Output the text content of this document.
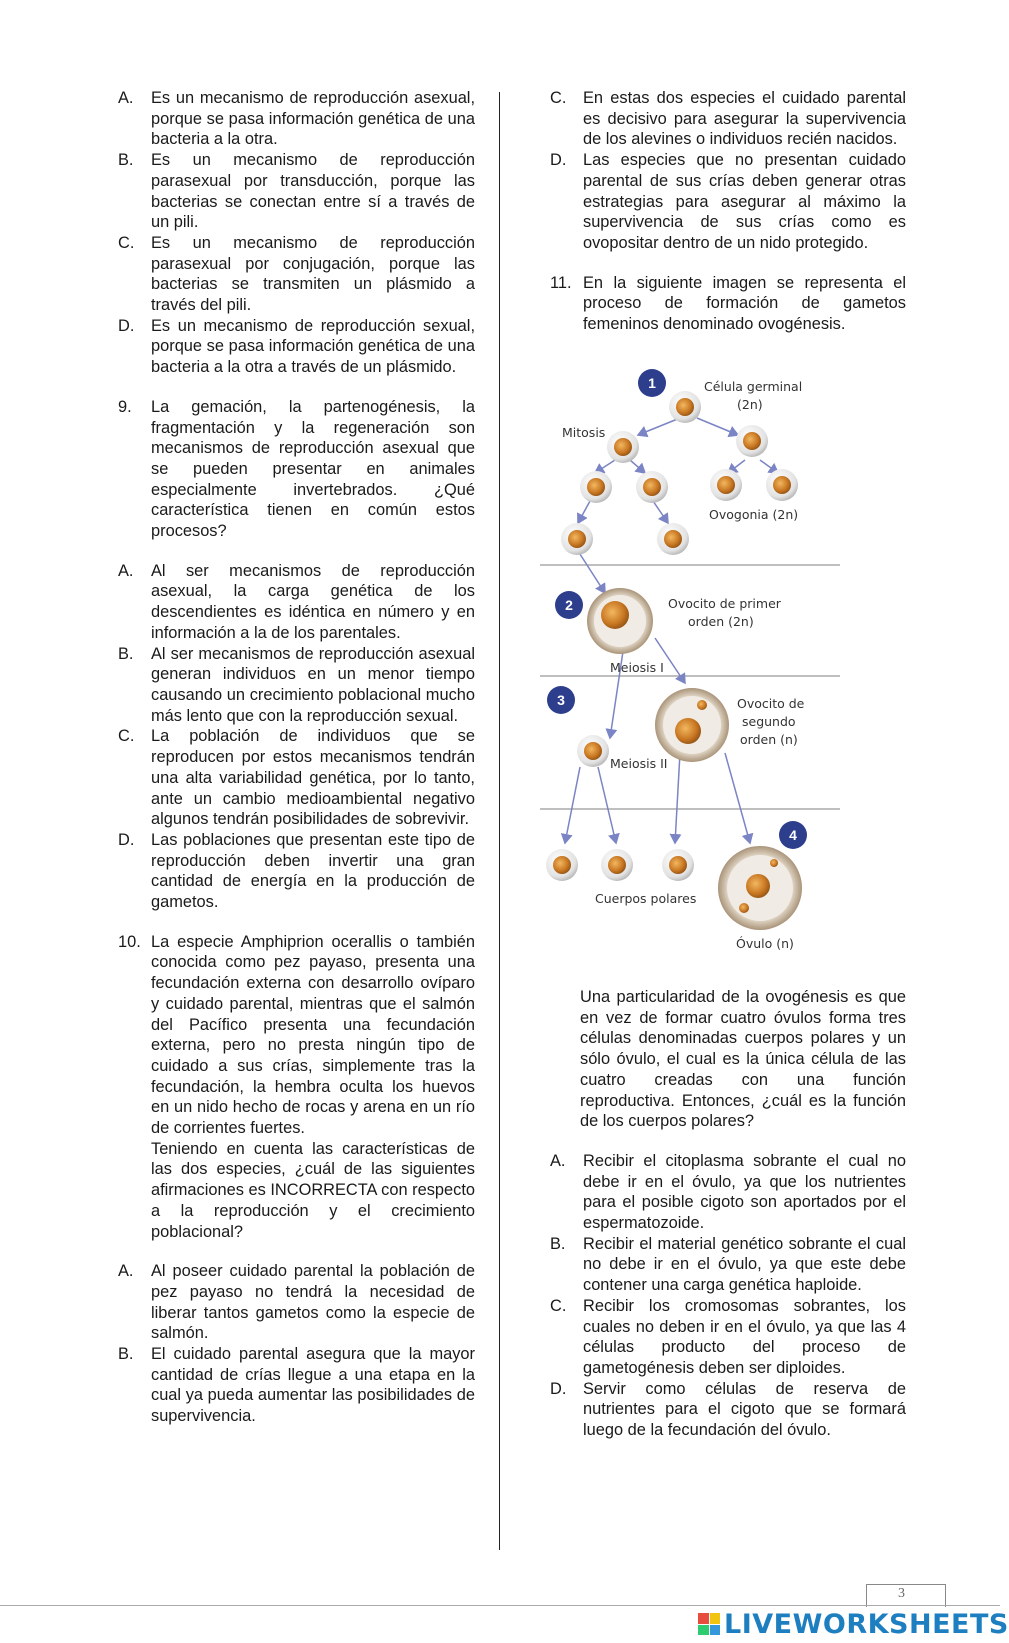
A. Es un mecanismo de reproducción asexual, porque se pasa información genética de una bacteria a la otra.
B. Es un mecanismo de reproducción parasexual por transducción, porque las bacterias se conectan entre sí a través de un pili.
C. Es un mecanismo de reproducción parasexual por conjugación, porque las bacterias se transmiten un plásmido a través del pili.
D. Es un mecanismo de reproducción sexual, porque se pasa información genética de una bacteria a la otra a través de un plásmido.
9. La gemación, la partenogénesis, la fragmentación y la regeneración son mecanismos de reproducción asexual que se pueden presentar en animales especialmente invertebrados. ¿Qué característica tienen en común estos procesos?
A. Al ser mecanismos de reproducción asexual, la carga genética de los descendientes es idéntica en número y en información a la de los parentales.
B. Al ser mecanismos de reproducción asexual generan individuos en un menor tiempo causando un crecimiento poblacional mucho más lento que con la reproducción sexual.
C. La población de individuos que se reproducen por estos mecanismos tendrán una alta variabilidad genética, por lo tanto, ante un cambio medioambiental negativo algunos tendrán posibilidades de sobrevivir.
D. Las poblaciones que presentan este tipo de reproducción deben invertir una gran cantidad de energía en la producción de gametos.
10. La especie Amphiprion ocerallis o también conocida como pez payaso, presenta una fecundación externa con desarrollo ovíparo y cuidado parental, mientras que el salmón del Pacífico presenta una fecundación externa, pero no presta ningún tipo de cuidado a sus crías, simplemente tras la fecundación, la hembra oculta los huevos en un nido hecho de rocas y arena en un río de corrientes fuertes.
Teniendo en cuenta las características de las dos especies, ¿cuál de las siguientes afirmaciones es INCORRECTA con respecto a la reproducción y el crecimiento poblacional?
A. Al poseer cuidado parental la población de pez payaso no tendrá la necesidad de liberar tantos gametos como la especie de salmón.
B. El cuidado parental asegura que la mayor cantidad de crías llegue a una etapa en la cual ya pueda aumentar las posibilidades de supervivencia.
C. En estas dos especies el cuidado parental es decisivo para asegurar la supervivencia de los alevines o individuos recién nacidos.
D. Las especies que no presentan cuidado parental de sus crías deben generar otras estrategias para asegurar al máximo la supervivencia de sus crías como es ovopositar dentro de un nido protegido.
11. En la siguiente imagen se representa el proceso de formación de gametos femeninos denominado ovogénesis.
1
2
3
4
Célula germinal
(2n)
Mitosis
Ovogonia (2n)
Ovocito de primer
orden (2n)
Meiosis I
Ovocito de
segundo
orden (n)
Meiosis II
Cuerpos polares
Óvulo (n)

Una particularidad de la ovogénesis es que en vez de formar cuatro óvulos forma tres células denominadas cuerpos polares y un sólo óvulo, el cual es la única célula de las cuatro creadas con una función reproductiva. Entonces, ¿cuál es la función de los cuerpos polares?

A. Recibir el citoplasma sobrante el cual no debe ir en el óvulo, ya que los nutrientes para el posible cigoto son aportados por el espermatozoide.
B. Recibir el material genético sobrante el cual no debe ir en el óvulo, ya que este debe contener una carga genética haploide.
C. Recibir los cromosomas sobrantes, los cuales no deben ir en el óvulo, ya que las 4 células producto del proceso de gametogénesis deben ser diploides.
D. Servir como células de reserva de nutrientes para el cigoto que se formará luego de la fecundación del óvulo.
3
LIVEWORKSHEETS
